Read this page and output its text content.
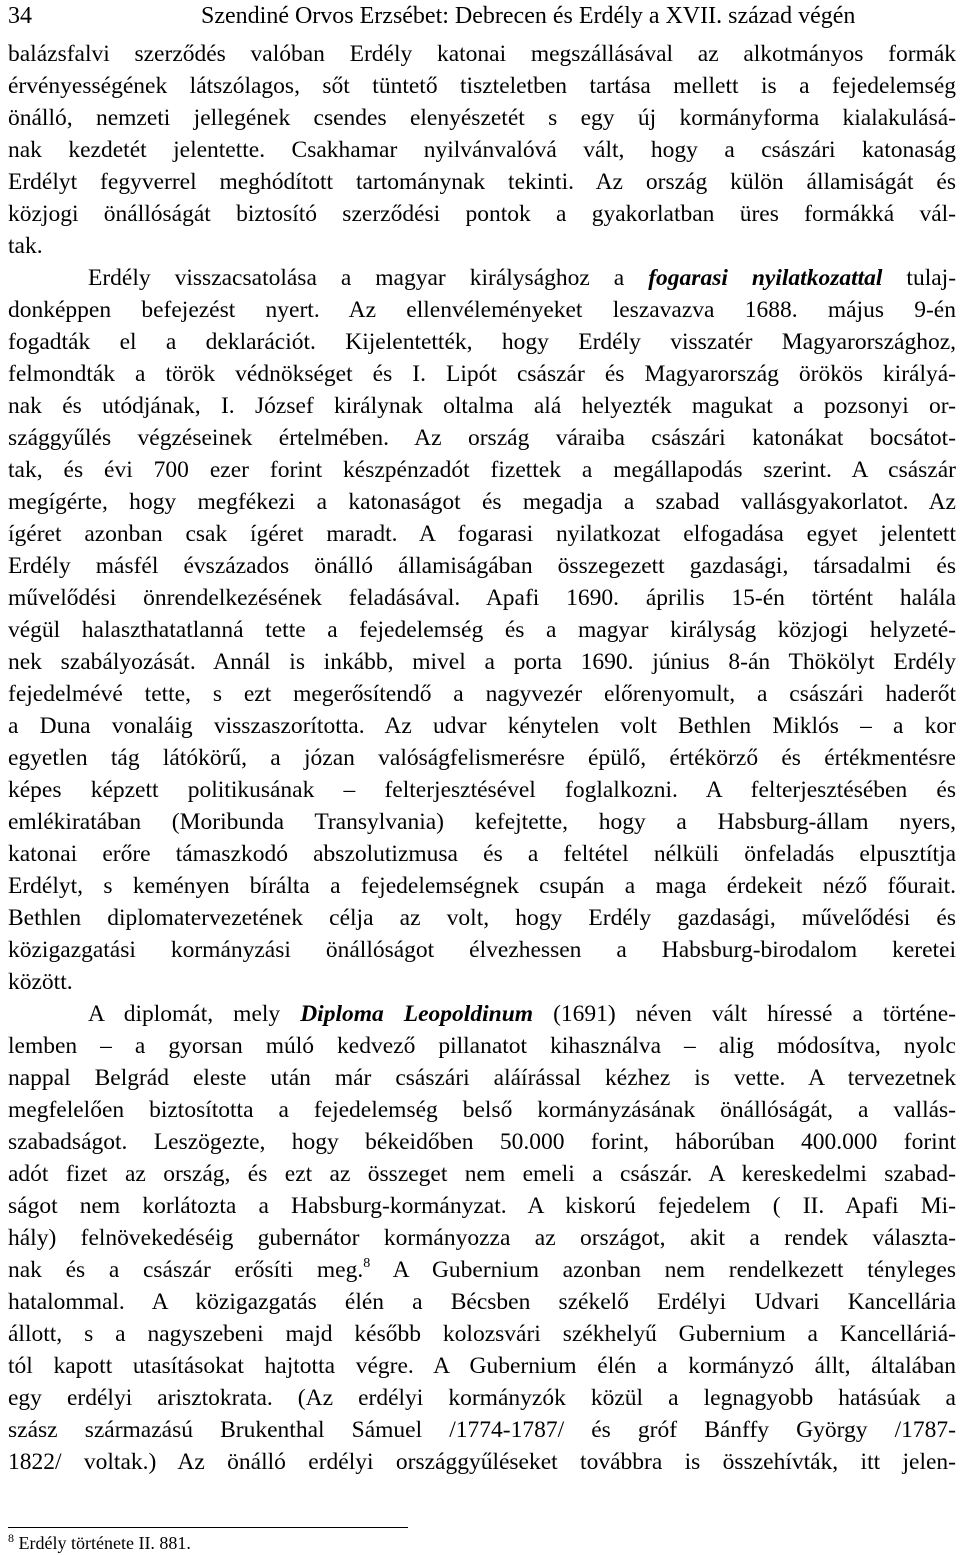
34	Szendiné Orvos Erzsébet: Debrecen és Erdély a XVII. század végén
balázsfalvi szerződés valóban Erdély katonai megszállásával az alkotmányos formák
érvényességének látszólagos, sőt tüntető tiszteletben tartása mellett is a fejedelemség
önálló, nemzeti jellegének csendes elenyészetét s egy új kormányforma kialakulásá-
nak kezdetét jelentette. Csakhamar nyilvánvalóvá vált, hogy a császári katonaság
Erdélyt fegyverrel meghódított tartománynak tekinti. Az ország külön államiságát és
közjogi önállóságát biztosító szerződési pontok a gyakorlatban üres formákká vál-
tak.
Erdély visszacsatolása a magyar királysághoz a fogarasi nyilatkozattal tulaj-
donképpen befejezést nyert. Az ellenvéleményeket leszavazva 1688. május 9-én
fogadták el a deklarációt. Kijelentették, hogy Erdély visszatér Magyarországhoz,
felmondták a török védnökséget és I. Lipót császár és Magyarország örökös királyá-
nak és utódjának, I. József királynak oltalma alá helyezték magukat a pozsonyi or-
szággyűlés végzéseinek értelmében. Az ország váraiba császári katonákat bocsátot-
tak, és évi 700 ezer forint készpénzadót fizettek a megállapodás szerint. A császár
megígérte, hogy megfékezi a katonaságot és megadja a szabad vallásgyakorlatot. Az
ígéret azonban csak ígéret maradt. A fogarasi nyilatkozat elfogadása egyet jelentett
Erdély másfél évszázados önálló államiságában összegezett gazdasági, társadalmi és
művelődési önrendelkezésének feladásával. Apafi 1690. április 15-én történt halála
végül halaszthatatlanná tette a fejedelemség és a magyar királyság közjogi helyzeté-
nek szabályozását. Annál is inkább, mivel a porta 1690. június 8-án Thökölyt Erdély
fejedelmévé tette, s ezt megerősítendő a nagyvezér előrenyomult, a császári haderőt
a Duna vonaláig visszaszorította. Az udvar kénytelen volt Bethlen Miklós – a kor
egyetlen tág látókörű, a józan valóságfelismerésre épülő, értékörző és értékmentésre
képes képzett politikusának – felterjesztésével foglalkozni. A felterjesztésében és
emlékiratában (Moribunda Transylvania) kefejtette, hogy a Habsburg-állam nyers,
katonai erőre támaszkodó abszolutizmusa és a feltétel nélküli önfeladás elpusztítja
Erdélyt, s keményen bírálta a fejedelemségnek csupán a maga érdekeit néző főurait.
Bethlen diplomatervezetének célja az volt, hogy Erdély gazdasági, művelődési és
közigazgatási kormányzási önállóságot élvezhessen a Habsburg-birodalom keretei
között.
A diplomát, mely Diploma Leopoldinum (1691) néven vált híressé a történe-
lemben – a gyorsan múló kedvező pillanatot kihasználva – alig módosítva, nyolc
nappal Belgrád eleste után már császári aláírással kézhez is vette. A tervezetnek
megfelelően biztosította a fejedelemség belső kormányzásának önállóságát, a vallás-
szabadságot. Leszögezte, hogy békeidőben 50.000 forint, háborúban 400.000 forint
adót fizet az ország, és ezt az összeget nem emeli a császár. A kereskedelmi szabad-
ságot nem korlátozta a Habsburg-kormányzat. A kiskorú fejedelem ( II. Apafi Mi-
hály) felnövekedéséig gubernátor kormányozza az országot, akit a rendek választa-
nak és a császár erősíti meg.$^8$ A Gubernium azonban nem rendelkezett tényleges
hatalommal. A közigazgatás élén a Bécsben székelő Erdélyi Udvari Kancellária
állott, s a nagyszebeni majd később kolozsvári székhelyű Gubernium a Kancelláriá-
tól kapott utasításokat hajtotta végre. A Gubernium élén a kormányzó állt, általában
egy erdélyi arisztokrata. (Az erdélyi kormányzók közül a legnagyobb hatásúak a
szász származású Brukenthal Sámuel /1774-1787/ és gróf Bánffy György /1787-
1822/ voltak.) Az önálló erdélyi országgyűléseket továbbra is összehívták, itt jelen-
$^8$ Erdély története II. 881.
